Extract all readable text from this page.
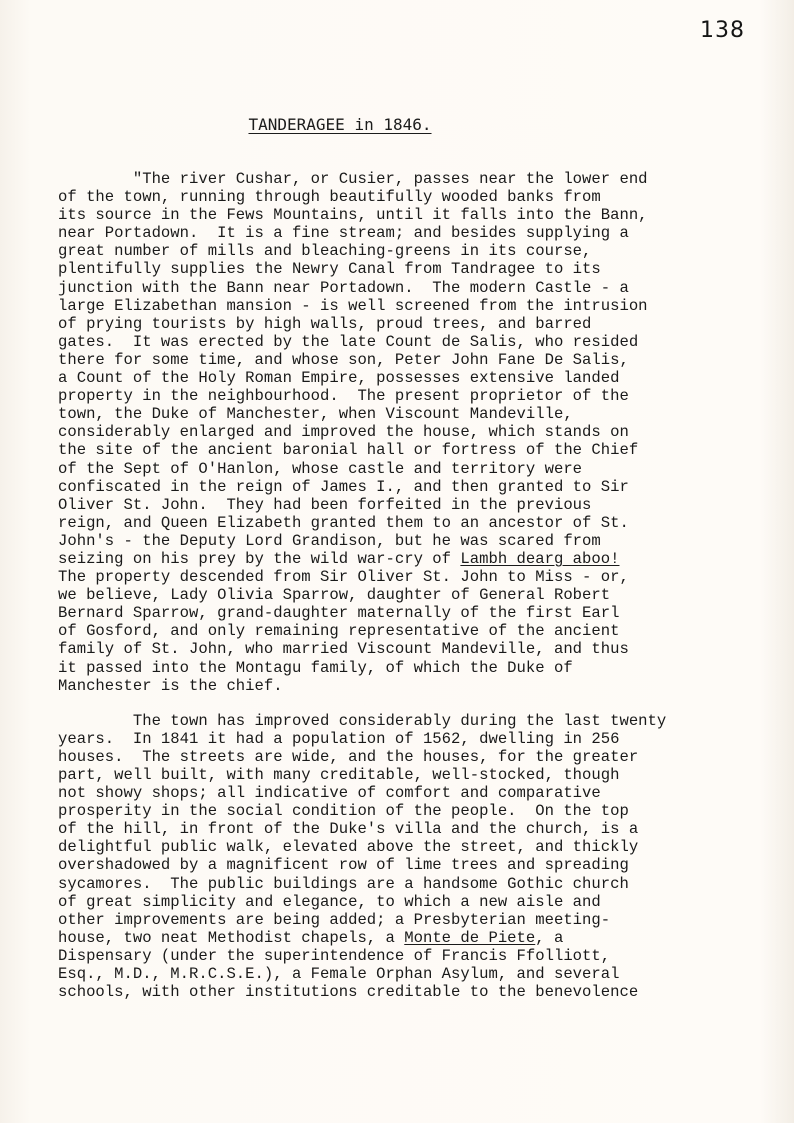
138
TANDERAGEE in 1846.
"The river Cushar, or Cusier, passes near the lower end
of the town, running through beautifully wooded banks from
its source in the Fews Mountains, until it falls into the Bann,
near Portadown.  It is a fine stream; and besides supplying a
great number of mills and bleaching-greens in its course,
plentifully supplies the Newry Canal from Tandragee to its
junction with the Bann near Portadown.  The modern Castle - a
large Elizabethan mansion - is well screened from the intrusion
of prying tourists by high walls, proud trees, and barred
gates.  It was erected by the late Count de Salis, who resided
there for some time, and whose son, Peter John Fane De Salis,
a Count of the Holy Roman Empire, possesses extensive landed
property in the neighbourhood.  The present proprietor of the
town, the Duke of Manchester, when Viscount Mandeville,
considerably enlarged and improved the house, which stands on
the site of the ancient baronial hall or fortress of the Chief
of the Sept of O'Hanlon, whose castle and territory were
confiscated in the reign of James I., and then granted to Sir
Oliver St. John.  They had been forfeited in the previous
reign, and Queen Elizabeth granted them to an ancestor of St.
John's - the Deputy Lord Grandison, but he was scared from
seizing on his prey by the wild war-cry of Lambh dearg aboo!
The property descended from Sir Oliver St. John to Miss - or,
we believe, Lady Olivia Sparrow, daughter of General Robert
Bernard Sparrow, grand-daughter maternally of the first Earl
of Gosford, and only remaining representative of the ancient
family of St. John, who married Viscount Mandeville, and thus
it passed into the Montagu family, of which the Duke of
Manchester is the chief.
The town has improved considerably during the last twenty
years.  In 1841 it had a population of 1562, dwelling in 256
houses.  The streets are wide, and the houses, for the greater
part, well built, with many creditable, well-stocked, though
not showy shops; all indicative of comfort and comparative
prosperity in the social condition of the people.  On the top
of the hill, in front of the Duke's villa and the church, is a
delightful public walk, elevated above the street, and thickly
overshadowed by a magnificent row of lime trees and spreading
sycamores.  The public buildings are a handsome Gothic church
of great simplicity and elegance, to which a new aisle and
other improvements are being added; a Presbyterian meeting-
house, two neat Methodist chapels, a Monte de Piete, a
Dispensary (under the superintendence of Francis Ffolliott,
Esq., M.D., M.R.C.S.E.), a Female Orphan Asylum, and several
schools, with other institutions creditable to the benevolence
